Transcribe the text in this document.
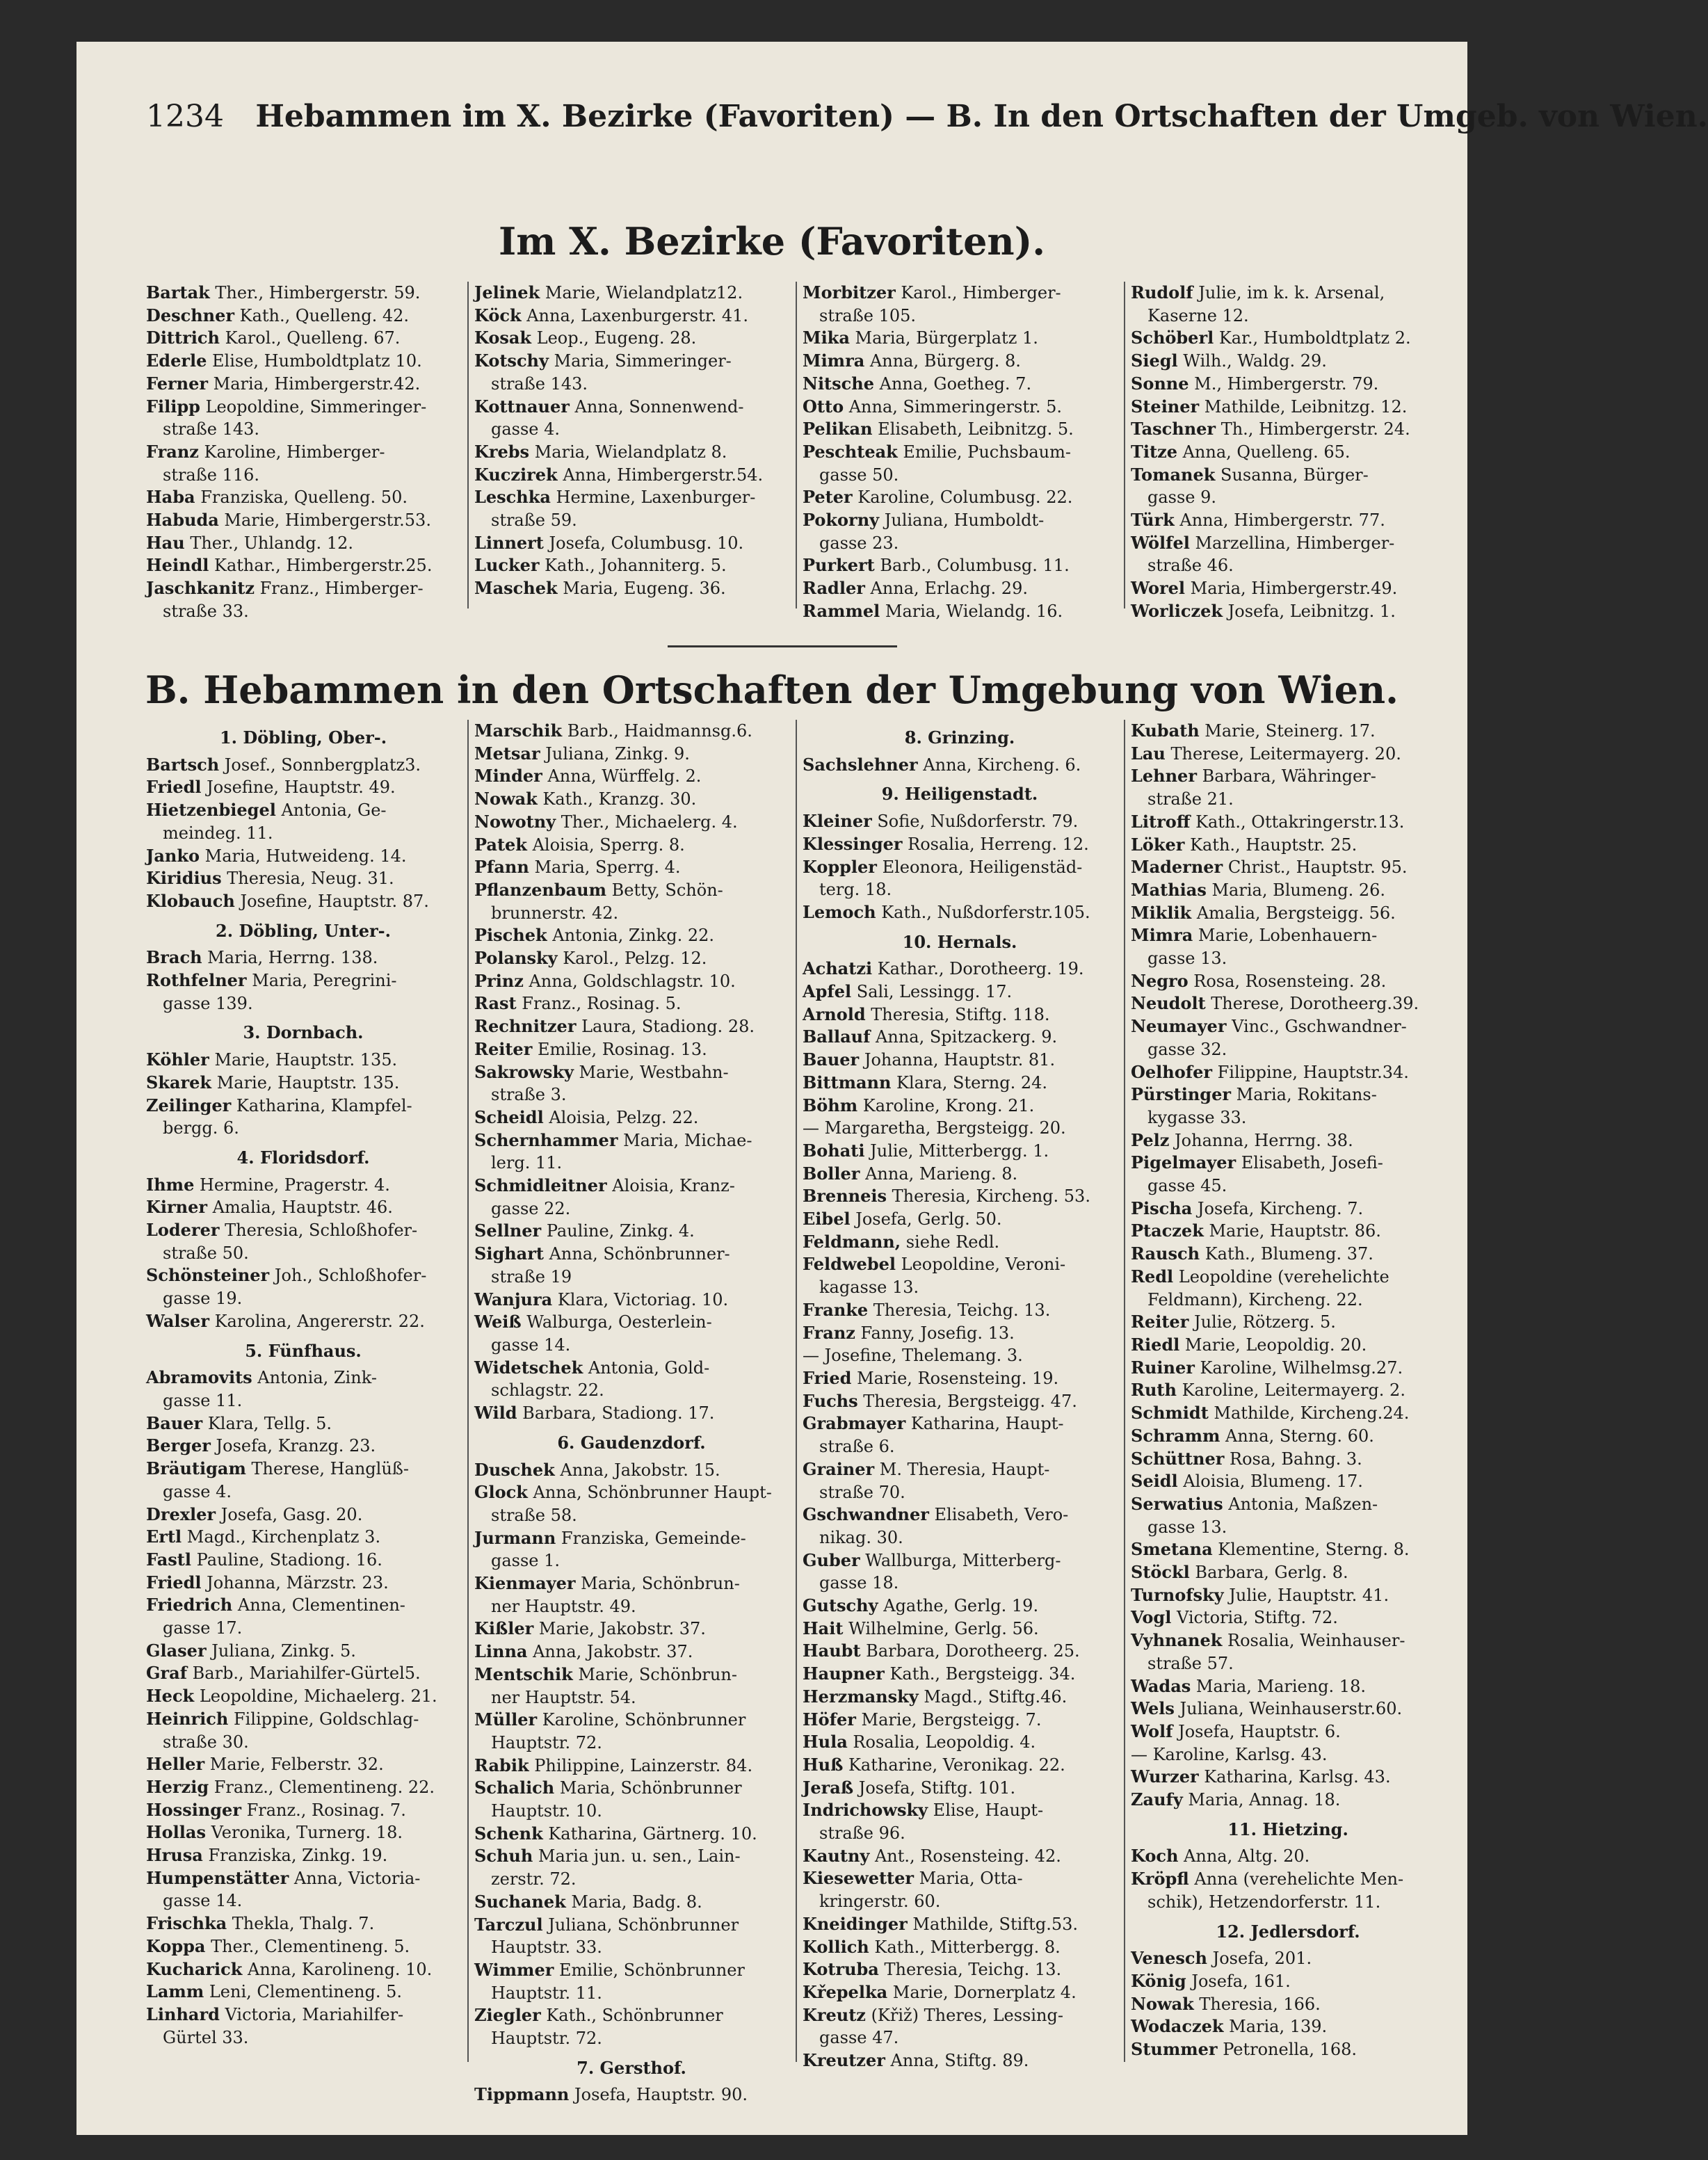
1234 Hebammen im X. Bezirke (Favoriten) — B. In den Ortschaften der Umgeb. von Wien.
Im X. Bezirke (Favoriten).
Bartak Ther., Himbergerstr. 59.
Deschner Kath., Quelleng. 42.
Dittrich Karol., Quelleng. 67.
Ederle Elise, Humboldtplatz 10.
Ferner Maria, Himbergerstr.42.
Filipp Leopoldine, Simmeringer-
straße 143.
Franz Karoline, Himberger-
straße 116.
Haba Franziska, Quelleng. 50.
Habuda Marie, Himbergerstr.53.
Hau Ther., Uhlandg. 12.
Heindl Kathar., Himbergerstr.25.
Jaschkanitz Franz., Himberger-
straße 33.
Jelinek Marie, Wielandplatz12.
Köck Anna, Laxenburgerstr. 41.
Kosak Leop., Eugeng. 28.
Kotschy Maria, Simmeringer-
straße 143.
Kottnauer Anna, Sonnenwend-
gasse 4.
Krebs Maria, Wielandplatz 8.
Kuczirek Anna, Himbergerstr.54.
Leschka Hermine, Laxenburger-
straße 59.
Linnert Josefa, Columbusg. 10.
Lucker Kath., Johanniterg. 5.
Maschek Maria, Eugeng. 36.
Morbitzer Karol., Himberger-
straße 105.
Mika Maria, Bürgerplatz 1.
Mimra Anna, Bürgerg. 8.
Nitsche Anna, Goetheg. 7.
Otto Anna, Simmeringerstr. 5.
Pelikan Elisabeth, Leibnitzg. 5.
Peschteak Emilie, Puchsbaum-
gasse 50.
Peter Karoline, Columbusg. 22.
Pokorny Juliana, Humboldt-
gasse 23.
Purkert Barb., Columbusg. 11.
Radler Anna, Erlachg. 29.
Rammel Maria, Wielandg. 16.
Rudolf Julie, im k. k. Arsenal,
Kaserne 12.
Schöberl Kar., Humboldtplatz 2.
Siegl Wilh., Waldg. 29.
Sonne M., Himbergerstr. 79.
Steiner Mathilde, Leibnitzg. 12.
Taschner Th., Himbergerstr. 24.
Titze Anna, Quelleng. 65.
Tomanek Susanna, Bürger-
gasse 9.
Türk Anna, Himbergerstr. 77.
Wölfel Marzellina, Himberger-
straße 46.
Worel Maria, Himbergerstr.49.
Worliczek Josefa, Leibnitzg. 1.
B. Hebammen in den Ortschaften der Umgebung von Wien.
1. Döbling, Ober-.
Bartsch Josef., Sonnbergplatz3.
Friedl Josefine, Hauptstr. 49.
Hietzenbiegel Antonia, Ge-
meindeg. 11.
Janko Maria, Hutweideng. 14.
Kiridius Theresia, Neug. 31.
Klobauch Josefine, Hauptstr. 87.
2. Döbling, Unter-.
Brach Maria, Herrng. 138.
Rothfelner Maria, Peregrini-
gasse 139.
3. Dornbach.
Köhler Marie, Hauptstr. 135.
Skarek Marie, Hauptstr. 135.
Zeilinger Katharina, Klampfel-
bergg. 6.
4. Floridsdorf.
Ihme Hermine, Pragerstr. 4.
Kirner Amalia, Hauptstr. 46.
Loderer Theresia, Schloßhofer-
straße 50.
Schönsteiner Joh., Schloßhofer-
gasse 19.
Walser Karolina, Angererstr. 22.
5. Fünfhaus.
Abramovits Antonia, Zink-
gasse 11.
Bauer Klara, Tellg. 5.
Berger Josefa, Kranzg. 23.
Bräutigam Therese, Hanglüß-
gasse 4.
Drexler Josefa, Gasg. 20.
Ertl Magd., Kirchenplatz 3.
Fastl Pauline, Stadiong. 16.
Friedl Johanna, Märzstr. 23.
Friedrich Anna, Clementinen-
gasse 17.
Glaser Juliana, Zinkg. 5.
Graf Barb., Mariahilfer-Gürtel5.
Heck Leopoldine, Michaelerg. 21.
Heinrich Filippine, Goldschlag-
straße 30.
Heller Marie, Felberstr. 32.
Herzig Franz., Clementineng. 22.
Hossinger Franz., Rosinag. 7.
Hollas Veronika, Turnerg. 18.
Hrusa Franziska, Zinkg. 19.
Humpenstätter Anna, Victoria-
gasse 14.
Frischka Thekla, Thalg. 7.
Koppa Ther., Clementineng. 5.
Kucharick Anna, Karolineng. 10.
Lamm Leni, Clementineng. 5.
Linhard Victoria, Mariahilfer-
Gürtel 33.
Marschik Barb., Haidmannsg.6.
Metsar Juliana, Zinkg. 9.
Minder Anna, Würffelg. 2.
Nowak Kath., Kranzg. 30.
Nowotny Ther., Michaelerg. 4.
Patek Aloisia, Sperrg. 8.
Pfann Maria, Sperrg. 4.
Pflanzenbaum Betty, Schön-
brunnerstr. 42.
Pischek Antonia, Zinkg. 22.
Polansky Karol., Pelzg. 12.
Prinz Anna, Goldschlagstr. 10.
Rast Franz., Rosinag. 5.
Rechnitzer Laura, Stadiong. 28.
Reiter Emilie, Rosinag. 13.
Sakrowsky Marie, Westbahn-
straße 3.
Scheidl Aloisia, Pelzg. 22.
Schernhammer Maria, Michae-
lerg. 11.
Schmidleitner Aloisia, Kranz-
gasse 22.
Sellner Pauline, Zinkg. 4.
Sighart Anna, Schönbrunner-
straße 19
Wanjura Klara, Victoriag. 10.
Weiß Walburga, Oesterlein-
gasse 14.
Widetschek Antonia, Gold-
schlagstr. 22.
Wild Barbara, Stadiong. 17.
6. Gaudenzdorf.
Duschek Anna, Jakobstr. 15.
Glock Anna, Schönbrunner Haupt-
straße 58.
Jurmann Franziska, Gemeinde-
gasse 1.
Kienmayer Maria, Schönbrun-
ner Hauptstr. 49.
Kißler Marie, Jakobstr. 37.
Linna Anna, Jakobstr. 37.
Mentschik Marie, Schönbrun-
ner Hauptstr. 54.
Müller Karoline, Schönbrunner
Hauptstr. 72.
Rabik Philippine, Lainzerstr. 84.
Schalich Maria, Schönbrunner
Hauptstr. 10.
Schenk Katharina, Gärtnerg. 10.
Schuh Maria jun. u. sen., Lain-
zerstr. 72.
Suchanek Maria, Badg. 8.
Tarczul Juliana, Schönbrunner
Hauptstr. 33.
Wimmer Emilie, Schönbrunner
Hauptstr. 11.
Ziegler Kath., Schönbrunner
Hauptstr. 72.
7. Gersthof.
Tippmann Josefa, Hauptstr. 90.
8. Grinzing.
Sachslehner Anna, Kircheng. 6.
9. Heiligenstadt.
Kleiner Sofie, Nußdorferstr. 79.
Klessinger Rosalia, Herreng. 12.
Koppler Eleonora, Heiligenstäd-
terg. 18.
Lemoch Kath., Nußdorferstr.105.
10. Hernals.
Achatzi Kathar., Dorotheerg. 19.
Apfel Sali, Lessingg. 17.
Arnold Theresia, Stiftg. 118.
Ballauf Anna, Spitzackerg. 9.
Bauer Johanna, Hauptstr. 81.
Bittmann Klara, Sterng. 24.
Böhm Karoline, Krong. 21.
— Margaretha, Bergsteigg. 20.
Bohati Julie, Mitterbergg. 1.
Boller Anna, Marieng. 8.
Brenneis Theresia, Kircheng. 53.
Eibel Josefa, Gerlg. 50.
Feldmann, siehe Redl.
Feldwebel Leopoldine, Veroni-
kagasse 13.
Franke Theresia, Teichg. 13.
Franz Fanny, Josefig. 13.
— Josefine, Thelemang. 3.
Fried Marie, Rosensteing. 19.
Fuchs Theresia, Bergsteigg. 47.
Grabmayer Katharina, Haupt-
straße 6.
Grainer M. Theresia, Haupt-
straße 70.
Gschwandner Elisabeth, Vero-
nikag. 30.
Guber Wallburga, Mitterberg-
gasse 18.
Gutschy Agathe, Gerlg. 19.
Hait Wilhelmine, Gerlg. 56.
Haubt Barbara, Dorotheerg. 25.
Haupner Kath., Bergsteigg. 34.
Herzmansky Magd., Stiftg.46.
Höfer Marie, Bergsteigg. 7.
Hula Rosalia, Leopoldig. 4.
Huß Katharine, Veronikag. 22.
Jeraß Josefa, Stiftg. 101.
Indrichowsky Elise, Haupt-
straße 96.
Kautny Ant., Rosensteing. 42.
Kiesewetter Maria, Otta-
kringerstr. 60.
Kneidinger Mathilde, Stiftg.53.
Kollich Kath., Mitterbergg. 8.
Kotruba Theresia, Teichg. 13.
Křepelka Marie, Dornerplatz 4.
Kreutz (Křiž) Theres, Lessing-
gasse 47.
Kreutzer Anna, Stiftg. 89.
Kubath Marie, Steinerg. 17.
Lau Therese, Leitermayerg. 20.
Lehner Barbara, Währinger-
straße 21.
Litroff Kath., Ottakringerstr.13.
Löker Kath., Hauptstr. 25.
Maderner Christ., Hauptstr. 95.
Mathias Maria, Blumeng. 26.
Miklik Amalia, Bergsteigg. 56.
Mimra Marie, Lobenhauern-
gasse 13.
Negro Rosa, Rosensteing. 28.
Neudolt Therese, Dorotheerg.39.
Neumayer Vinc., Gschwandner-
gasse 32.
Oelhofer Filippine, Hauptstr.34.
Pürstinger Maria, Rokitans-
kygasse 33.
Pelz Johanna, Herrng. 38.
Pigelmayer Elisabeth, Josefi-
gasse 45.
Pischa Josefa, Kircheng. 7.
Ptaczek Marie, Hauptstr. 86.
Rausch Kath., Blumeng. 37.
Redl Leopoldine (verehelichte
Feldmann), Kircheng. 22.
Reiter Julie, Rötzerg. 5.
Riedl Marie, Leopoldig. 20.
Ruiner Karoline, Wilhelmsg.27.
Ruth Karoline, Leitermayerg. 2.
Schmidt Mathilde, Kircheng.24.
Schramm Anna, Sterng. 60.
Schüttner Rosa, Bahng. 3.
Seidl Aloisia, Blumeng. 17.
Serwatius Antonia, Maßzen-
gasse 13.
Smetana Klementine, Sterng. 8.
Stöckl Barbara, Gerlg. 8.
Turnofsky Julie, Hauptstr. 41.
Vogl Victoria, Stiftg. 72.
Vyhnanek Rosalia, Weinhauser-
straße 57.
Wadas Maria, Marieng. 18.
Wels Juliana, Weinhauserstr.60.
Wolf Josefa, Hauptstr. 6.
— Karoline, Karlsg. 43.
Wurzer Katharina, Karlsg. 43.
Zaufy Maria, Annag. 18.
11. Hietzing.
Koch Anna, Altg. 20.
Kröpfl Anna (verehelichte Men-
schik), Hetzendorferstr. 11.
12. Jedlersdorf.
Venesch Josefa, 201.
König Josefa, 161.
Nowak Theresia, 166.
Wodaczek Maria, 139.
Stummer Petronella, 168.
